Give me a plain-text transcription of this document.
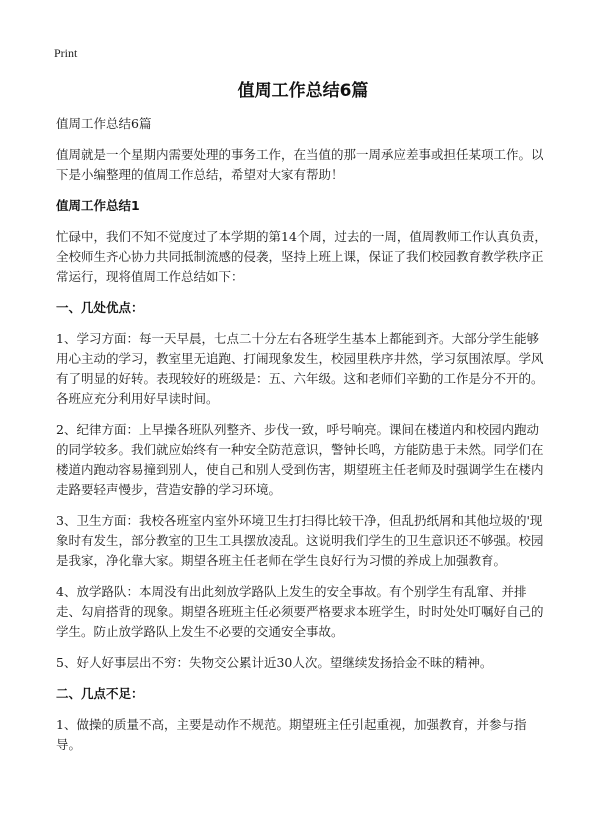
Print
值周工作总结6篇
值周工作总结6篇
值周就是一个星期内需要处理的事务工作，在当值的那一周承应差事或担任某项工作。以下是小编整理的值周工作总结，希望对大家有帮助！
值周工作总结1
忙碌中，我们不知不觉度过了本学期的第14个周，过去的一周，值周教师工作认真负责，全校师生齐心协力共同抵制流感的侵袭，坚持上班上课，保证了我们校园教育教学秩序正常运行，现将值周工作总结如下：
一、几处优点：
1、学习方面：每一天早晨，七点二十分左右各班学生基本上都能到齐。大部分学生能够用心主动的学习，教室里无追跑、打闹现象发生，校园里秩序井然，学习氛围浓厚。学风有了明显的好转。表现较好的班级是：五、六年级。这和老师们辛勤的工作是分不开的。各班应充分利用好早读时间。
2、纪律方面：上早操各班队列整齐、步伐一致，呼号响亮。课间在楼道内和校园内跑动的同学较多。我们就应始终有一种安全防范意识，警钟长鸣，方能防患于未然。同学们在楼道内跑动容易撞到别人，使自己和别人受到伤害，期望班主任老师及时强调学生在楼内走路要轻声慢步，营造安静的学习环境。
3、卫生方面：我校各班室内室外环境卫生打扫得比较干净，但乱扔纸屑和其他垃圾的'现象时有发生，部分教室的卫生工具摆放凌乱。这说明我们学生的卫生意识还不够强。校园是我家，净化靠大家。期望各班主任老师在学生良好行为习惯的养成上加强教育。
4、放学路队：本周没有出此刻放学路队上发生的安全事故。有个别学生有乱窜、并排走、勾肩搭背的现象。期望各班班主任必须要严格要求本班学生，时时处处叮嘱好自己的学生。防止放学路队上发生不必要的交通安全事故。
5、好人好事层出不穷：失物交公累计近30人次。望继续发扬拾金不昧的精神。
二、几点不足：
1、做操的质量不高，主要是动作不规范。期望班主任引起重视，加强教育，并参与指导。
